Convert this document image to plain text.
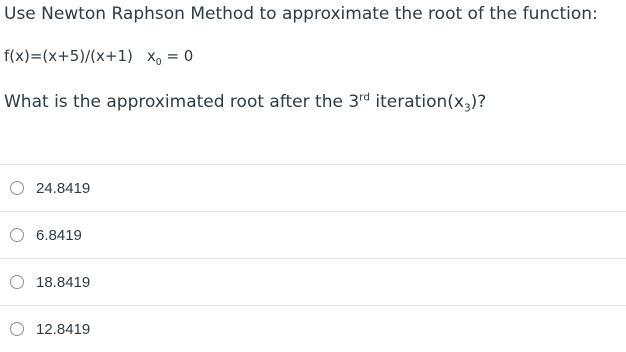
Use Newton Raphson Method to approximate the root of the function:
f(x)=(x+5)/(x+1) $x_0 = 0$
What is the approximated root after the 3rd $iteration(x_3)$?
24.8419
6.8419
18.8419
12.8419
